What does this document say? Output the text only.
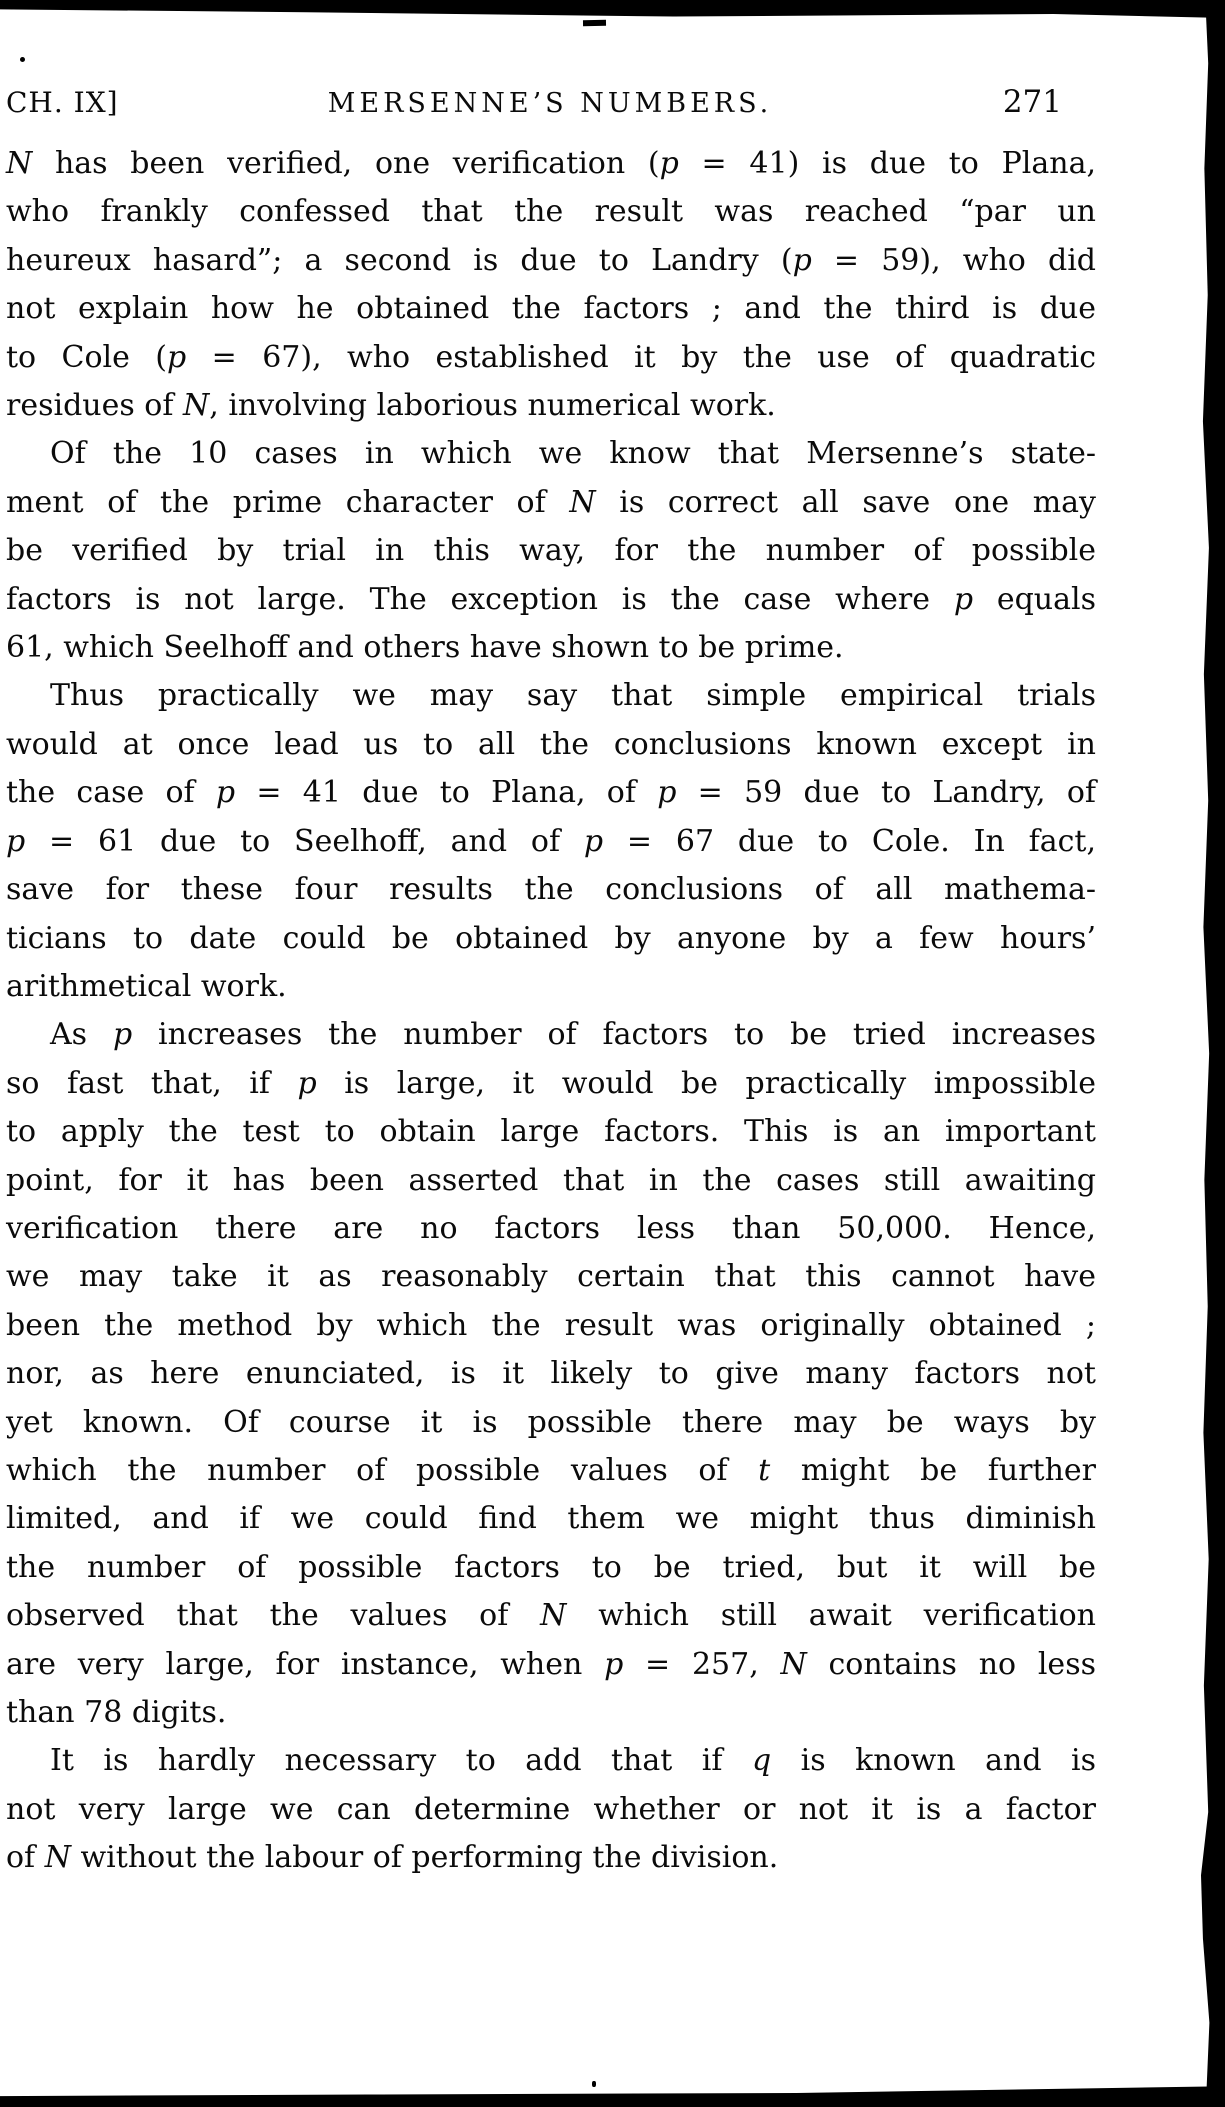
CH. IX]	MERSENNE’S NUMBERS.	271
N has been verified, one verification (p = 41) is due to Plana,
who frankly confessed that the result was reached “par un
heureux hasard”; a second is due to Landry (p = 59), who did
not explain how he obtained the factors ; and the third is due
to Cole (p = 67), who established it by the use of quadratic
residues of N, involving laborious numerical work.
Of the 10 cases in which we know that Mersenne’s state-
ment of the prime character of N is correct all save one may
be verified by trial in this way, for the number of possible
factors is not large. The exception is the case where p equals
61, which Seelhoff and others have shown to be prime.
Thus practically we may say that simple empirical trials
would at once lead us to all the conclusions known except in
the case of p = 41 due to Plana, of p = 59 due to Landry, of
p = 61 due to Seelhoff, and of p = 67 due to Cole. In fact,
save for these four results the conclusions of all mathema-
ticians to date could be obtained by anyone by a few hours’
arithmetical work.
As p increases the number of factors to be tried increases
so fast that, if p is large, it would be practically impossible
to apply the test to obtain large factors. This is an important
point, for it has been asserted that in the cases still awaiting
verification there are no factors less than 50,000. Hence,
we may take it as reasonably certain that this cannot have
been the method by which the result was originally obtained ;
nor, as here enunciated, is it likely to give many factors not
yet known. Of course it is possible there may be ways by
which the number of possible values of t might be further
limited, and if we could find them we might thus diminish
the number of possible factors to be tried, but it will be
observed that the values of N which still await verification
are very large, for instance, when p = 257, N contains no less
than 78 digits.
It is hardly necessary to add that if q is known and is
not very large we can determine whether or not it is a factor
of N without the labour of performing the division.
